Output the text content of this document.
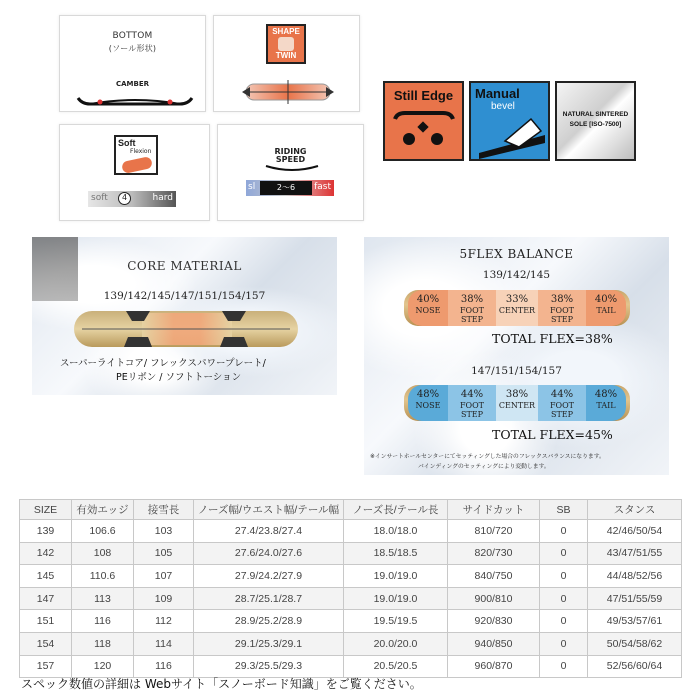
BOTTOM
(ソール形状)
CAMBER
SHAPE
TWIN
Soft
Flexion
soft	4	hard
RIDING
SPEED
sl	2～6	fast
Still Edge	Manual
bevel
NATURAL SINTERED
SOLE [ISO-7500]
CORE MATERIAL
139/142/145/147/151/154/157
スーパーライトコア/ フレックスパワープレート/
PEリボン / ソフトトーション
5FLEX BALANCE
139/142/145
40%
NOSE
38%
FOOT STEP
33%
CENTER
38%
FOOT STEP
40%
TAIL
TOTAL FLEX=38%
147/151/154/157
48%
NOSE
44%
FOOT STEP
38%
CENTER
44%
FOOT STEP
48%
TAIL
TOTAL FLEX=45%
※インサートホールセンターにてセッティングした場合のフレックスバランスになります。
バインディングのセッティングにより変動します。
SIZE	有効エッジ	接雪長	ノーズ幅/ウエスト幅/テール幅	ノーズ長/テール長	サイドカット	SB	スタンス
139	106.6	103	27.4/23.8/27.4	18.0/18.0	810/720	0	42/46/50/54
142	108	105	27.6/24.0/27.6	18.5/18.5	820/730	0	43/47/51/55
145	110.6	107	27.9/24.2/27.9	19.0/19.0	840/750	0	44/48/52/56
147	113	109	28.7/25.1/28.7	19.0/19.0	900/810	0	47/51/55/59
151	116	112	28.9/25.2/28.9	19.5/19.5	920/830	0	49/53/57/61
154	118	114	29.1/25.3/29.1	20.0/20.0	940/850	0	50/54/58/62
157	120	116	29.3/25.5/29.3	20.5/20.5	960/870	0	52/56/60/64
スペック数値の詳細は Webサイト「スノーボード知識」をご覧ください。
